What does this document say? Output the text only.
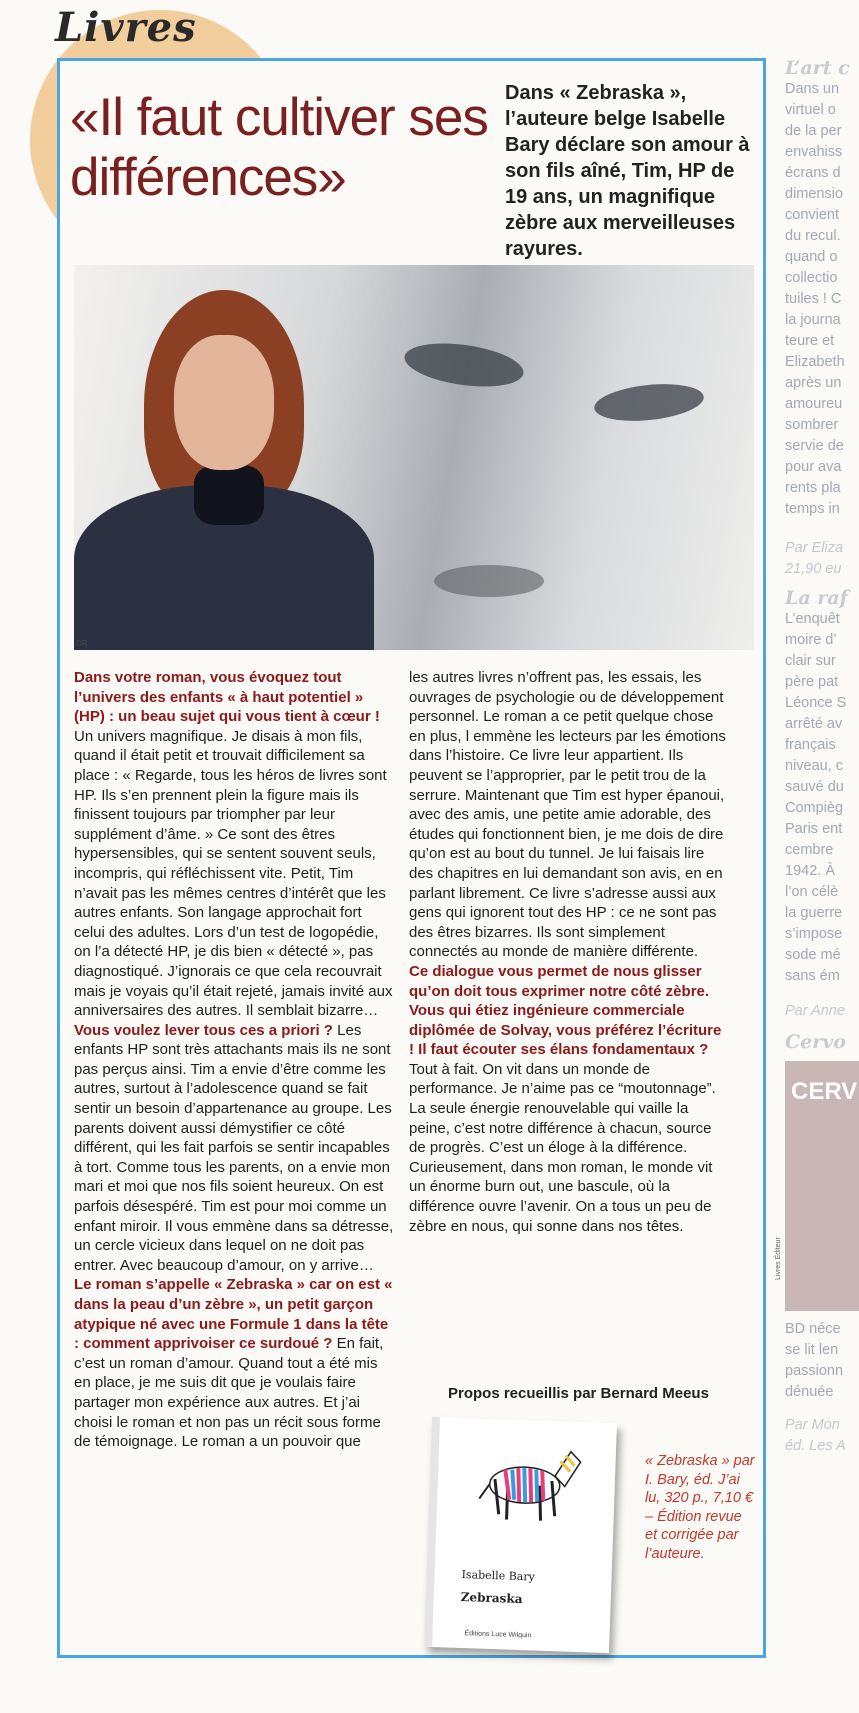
Livres
«Il faut cultiver ses différences»
Dans « Zebraska », l’auteure belge Isabelle Bary déclare son amour à son fils aîné, Tim, HP de 19 ans, un magnifique zèbre aux merveilleuses rayures.
DR

Dans votre roman, vous évoquez tout l’univers des enfants « à haut potentiel » (HP) : un beau sujet qui vous tient à cœur ! Un univers magnifique. Je disais à mon fils, quand il était petit et trouvait difficilement sa place : « Regarde, tous les héros de livres sont HP. Ils s’en prennent plein la figure mais ils finissent toujours par triompher par leur supplément d’âme. » Ce sont des êtres hypersensibles, qui se sentent souvent seuls, incompris, qui réfléchissent vite. Petit, Tim n’avait pas les mêmes centres d’intérêt que les autres enfants. Son langage approchait fort celui des adultes. Lors d’un test de logopédie, on l’a détecté HP, je dis bien « détecté », pas diagnostiqué. J’ignorais ce que cela recouvrait mais je voyais qu’il était rejeté, jamais invité aux anniversaires des autres. Il semblait bizarre…

Vous voulez lever tous ces a priori ? Les enfants HP sont très attachants mais ils ne sont pas perçus ainsi. Tim a envie d’être comme les autres, surtout à l’adolescence quand se fait sentir un besoin d’appartenance au groupe. Les parents doivent aussi démystifier ce côté différent, qui les fait parfois se sentir incapables à tort. Comme tous les parents, on a envie mon mari et moi que nos fils soient heureux. On est parfois désespéré. Tim est pour moi comme un enfant miroir. Il vous emmène dans sa détresse, un cercle vicieux dans lequel on ne doit pas entrer. Avec beaucoup d’amour, on y arrive…

Le roman s’appelle « Zebraska » car on est « dans la peau d’un zèbre », un petit garçon atypique né avec une Formule 1 dans la tête : comment apprivoiser ce surdoué ? En fait, c’est un roman d’amour. Quand tout a été mis en place, je me suis dit que je voulais faire partager mon expérience aux autres. Et j’ai choisi le roman et non pas un récit sous forme de témoignage. Le roman a un pouvoir que

les autres livres n’offrent pas, les essais, les ouvrages de psychologie ou de développement personnel. Le roman a ce petit quelque chose en plus, l emmène les lecteurs par les émotions dans l’histoire. Ce livre leur appartient. Ils peuvent se l’approprier, par le petit trou de la serrure. Maintenant que Tim est hyper épanoui, avec des amis, une petite amie adorable, des études qui fonctionnent bien, je me dois de dire qu’on est au bout du tunnel. Je lui faisais lire des chapitres en lui demandant son avis, en en parlant librement. Ce livre s’adresse aussi aux gens qui ignorent tout des HP : ce ne sont pas des êtres bizarres. Ils sont simplement connectés au monde de manière différente.

Ce dialogue vous permet de nous glisser qu’on doit tous exprimer notre côté zèbre. Vous qui étiez ingénieure commerciale diplômée de Solvay, vous préférez l’écriture ! Il faut écouter ses élans fondamentaux ? Tout à fait. On vit dans un monde de performance. Je n’aime pas ce “moutonnage”. La seule énergie renouvelable qui vaille la peine, c’est notre différence à chacun, source de progrès. C’est un éloge à la différence. Curieusement, dans mon roman, le monde vit un énorme burn out, une bascule, où la différence ouvre l’avenir. On a tous un peu de zèbre en nous, qui sonne dans nos têtes.

Propos recueillis par Bernard Meeus
Isabelle Bary
Zebraska
Éditions Luce Wilquin
« Zebraska » par I. Bary, éd. J’ai lu, 320 p., 7,10 € – Édition revue et corrigée par l’auteure.
Livres Éditeur
L’art c
Dans un
virtuel o
de la per
envahiss
écrans d
dimensio
convient
du recul.
quand o
collectio
tuiles ! C
la journa
teure et
Elizabeth
après un
amoureu
sombrer
servie de
pour ava
rents pla
temps in
Par Eliza
21,90 eu
La raf
L’enquêt
moire d’
clair sur
père pat
Léonce S
arrêté av
français
niveau, c
sauvé du
Compièg
Paris ent
cembre
1942. À
l’on célè
la guerre
s’impose
sode mé
sans ém
Par Anne
Cervo
CERV
BD néce
se lit len
passionn
dénuée
Par Mon
éd. Les A
